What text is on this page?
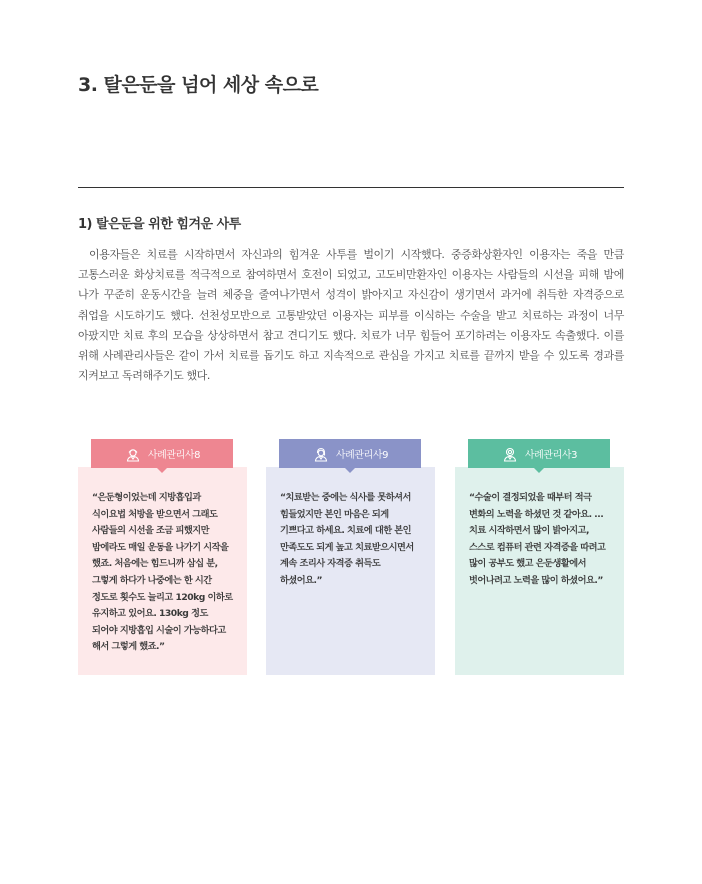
3. 탈은둔을 넘어 세상 속으로
1) 탈은둔을 위한 힘겨운 사투

이용자들은 치료를 시작하면서 자신과의 힘겨운 사투를 벌이기 시작했다. 중증화상환자인 이용자는 죽을 만큼 고통스러운 화상치료를 적극적으로 참여하면서 호전이 되었고, 고도비만환자인 이용자는 사람들의 시선을 피해 밤에 나가 꾸준히 운동시간을 늘려 체중을 줄여나가면서 성격이 밝아지고 자신감이 생기면서 과거에 취득한 자격증으로 취업을 시도하기도 했다. 선천성모반으로 고통받았던 이용자는 피부를 이식하는 수술을 받고 치료하는 과정이 너무 아팠지만 치료 후의 모습을 상상하면서 참고 견디기도 했다. 치료가 너무 힘들어 포기하려는 이용자도 속출했다. 이를 위해 사례관리사들은 같이 가서 치료를 돕기도 하고 지속적으로 관심을 가지고 치료를 끝까지 받을 수 있도록 경과를 지켜보고 독려해주기도 했다.

“은둔형이었는데 지방흡입과 식이요법 처방을 받으면서 그래도 사람들의 시선을 조금 피했지만 밤에라도 매일 운동을 나가기 시작을 했죠. 처음에는 힘드니까 삼십 분, 그렇게 하다가 나중에는 한 시간 정도로 횟수도 늘리고 120kg 이하로 유지하고 있어요. 130kg 정도 되어야 지방흡입 시술이 가능하다고 해서 그렇게 했죠.”

사례관리사8

“치료받는 중에는 식사를 못하셔서 힘들었지만 본인 마음은 되게 기쁘다고 하세요. 치료에 대한 본인 만족도도 되게 높고 치료받으시면서 계속 조리사 자격증 취득도 하셨어요.”

사례관리사9

“수술이 결정되었을 때부터 적극 변화의 노력을 하셨던 것 같아요. … 치료 시작하면서 많이 밝아지고, 스스로 컴퓨터 관련 자격증을 따려고 많이 공부도 했고 은둔생활에서 벗어나려고 노력을 많이 하셨어요.”

사례관리사3
